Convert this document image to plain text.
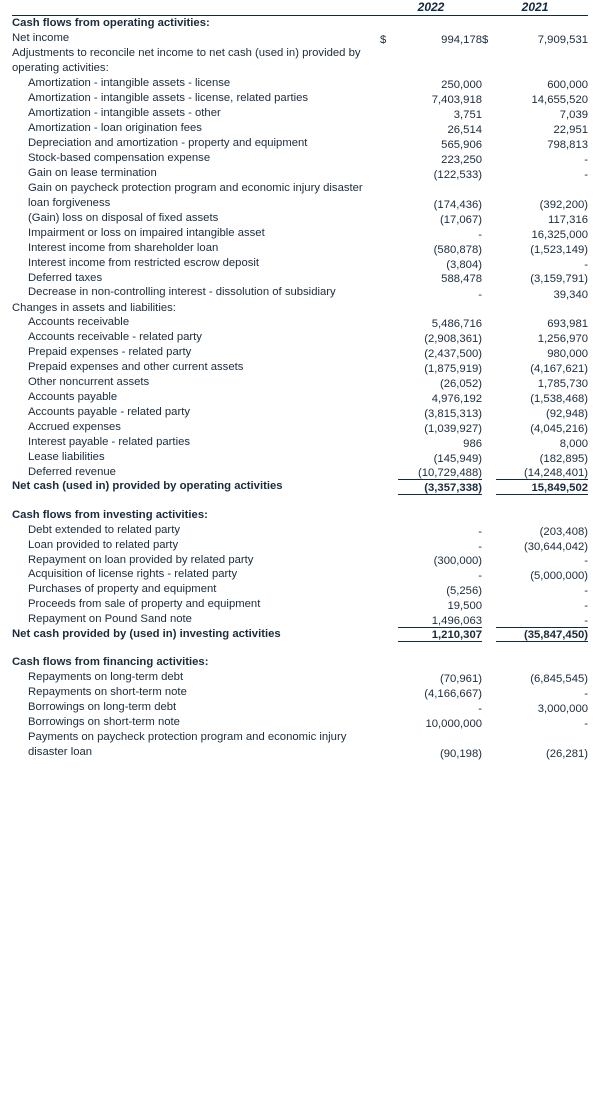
	2022		2021	

Cash flows from operating activities:				
Net income	$	994,178	$	7,909,531
Adjustments to reconcile net income to net cash (used in) provided by operating activities:				
Amortization - intangible assets - license		250,000		600,000
Amortization - intangible assets - license, related parties		7,403,918		14,655,520
Amortization - intangible assets - other		3,751		7,039
Amortization - loan origination fees		26,514		22,951
Depreciation and amortization - property and equipment		565,906		798,813
Stock-based compensation expense		223,250		-
Gain on lease termination		(122,533)		-
Gain on paycheck protection program and economic injury disaster loan forgiveness		(174,436)		(392,200)
(Gain) loss on disposal of fixed assets		(17,067)		117,316
Impairment or loss on impaired intangible asset		-		16,325,000
Interest income from shareholder loan		(580,878)		(1,523,149)
Interest income from restricted escrow deposit		(3,804)		-
Deferred taxes		588,478		(3,159,791)
Decrease in non-controlling interest - dissolution of subsidiary		-		39,340
Changes in assets and liabilities:				
Accounts receivable		5,486,716		693,981
Accounts receivable - related party		(2,908,361)		1,256,970
Prepaid expenses - related party		(2,437,500)		980,000
Prepaid expenses and other current assets		(1,875,919)		(4,167,621)
Other noncurrent assets		(26,052)		1,785,730
Accounts payable		4,976,192		(1,538,468)
Accounts payable - related party		(3,815,313)		(92,948)
Accrued expenses		(1,039,927)		(4,045,216)
Interest payable - related parties		986		8,000
Lease liabilities		(145,949)		(182,895)
Deferred revenue		(10,729,488)		(14,248,401)
Net cash (used in) provided by operating activities		(3,357,338)		15,849,502

Cash flows from investing activities:				
Debt extended to related party		-		(203,408)
Loan provided to related party		-		(30,644,042)
Repayment on loan provided by related party		(300,000)		-
Acquisition of license rights - related party		-		(5,000,000)
Purchases of property and equipment		(5,256)		-
Proceeds from sale of property and equipment		19,500		-
Repayment on Pound Sand note		1,496,063		-
Net cash provided by (used in) investing activities		1,210,307		(35,847,450)

Cash flows from financing activities:				
Repayments on long-term debt		(70,961)		(6,845,545)
Repayments on short-term note		(4,166,667)		-
Borrowings on long-term debt		-		3,000,000
Borrowings on short-term note		10,000,000		-
Payments on paycheck protection program and economic injury disaster loan		(90,198)		(26,281)
